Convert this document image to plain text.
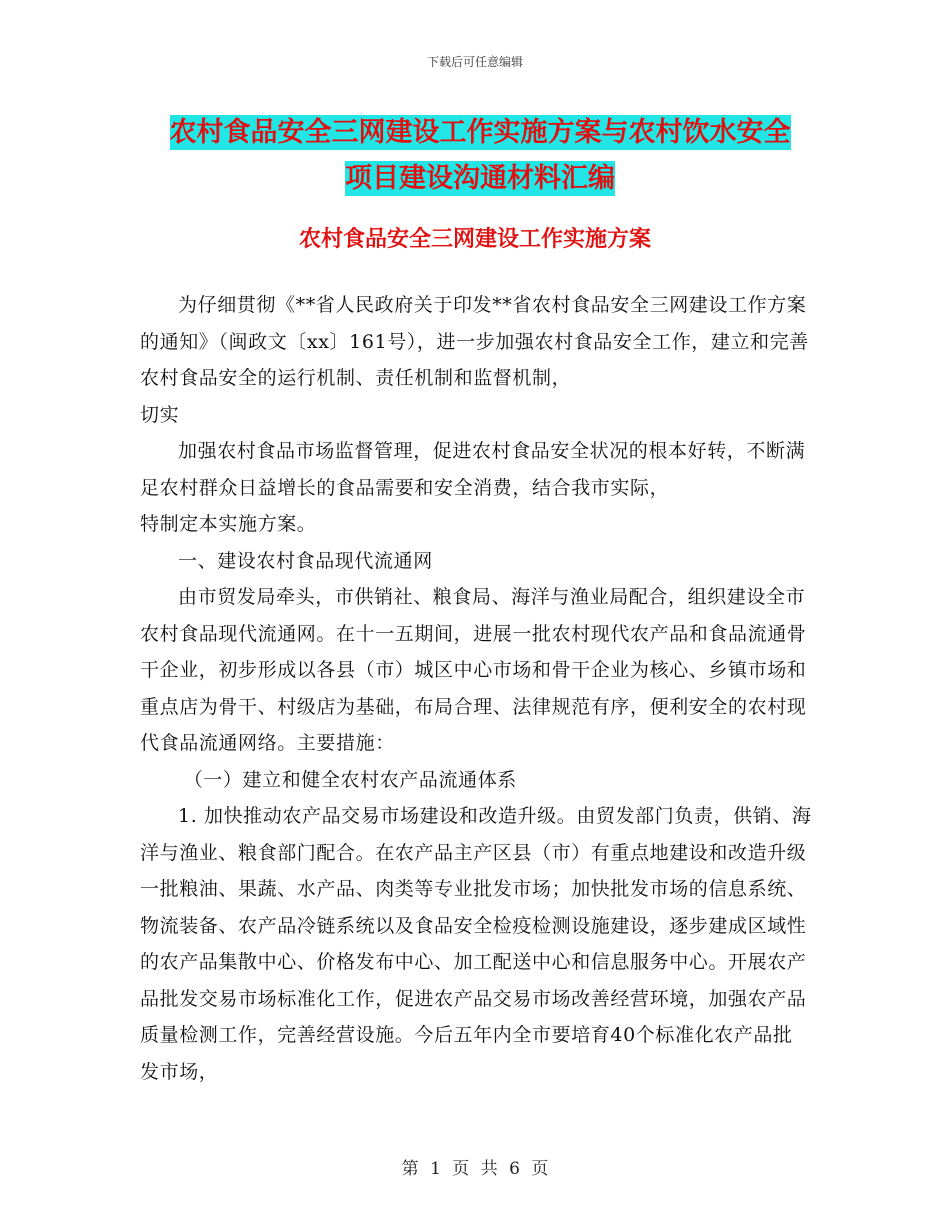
下载后可任意编辑
农村食品安全三网建设工作实施方案与农村饮水安全
项目建设沟通材料汇编
农村食品安全三网建设工作实施方案

为仔细贯彻《**省人民政府关于印发**省农村食品安全三网建设工作方案的通知》（闽政文〔xx〕161号），进一步加强农村食品安全工作，建立和完善农村食品安全的运行机制、责任机制和监督机制，

切实

加强农村食品市场监督管理，促进农村食品安全状况的根本好转，不断满足农村群众日益增长的食品需要和安全消费，结合我市实际，

特制定本实施方案。

一、建设农村食品现代流通网

由市贸发局牵头，市供销社、粮食局、海洋与渔业局配合，组织建设全市农村食品现代流通网。在十一五期间，进展一批农村现代农产品和食品流通骨干企业，初步形成以各县（市）城区中心市场和骨干企业为核心、乡镇市场和重点店为骨干、村级店为基础，布局合理、法律规范有序，便利安全的农村现代食品流通网络。主要措施：

（一）建立和健全农村农产品流通体系

1. 加快推动农产品交易市场建设和改造升级。由贸发部门负责，供销、海洋与渔业、粮食部门配合。在农产品主产区县（市）有重点地建设和改造升级一批粮油、果蔬、水产品、肉类等专业批发市场；加快批发市场的信息系统、物流装备、农产品冷链系统以及食品安全检疫检测设施建设，逐步建成区域性的农产品集散中心、价格发布中心、加工配送中心和信息服务中心。开展农产品批发交易市场标准化工作，促进农产品交易市场改善经营环境，加强农产品质量检测工作，完善经营设施。今后五年内全市要培育40个标准化农产品批发市场，

第 1 页 共 6 页
